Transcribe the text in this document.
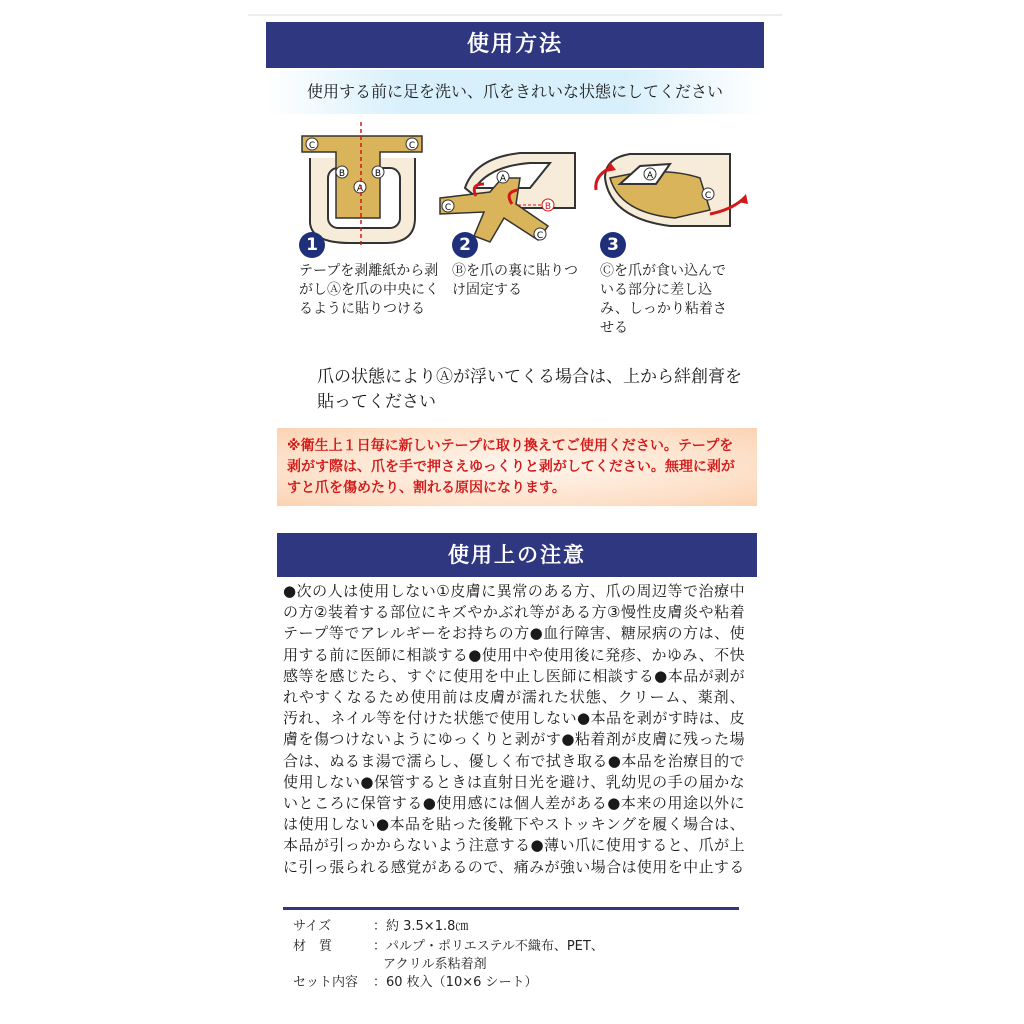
使用方法
使用する前に足を洗い、爪をきれいな状態にしてください
C	C
B	B
A
A
B
C
C
A
C
1
テープを剥離紙から剥がしⒶを爪の中央にくるように貼りつける
2
Ⓑを爪の裏に貼りつけ固定する
3
Ⓒを爪が食い込んでいる部分に差し込み、しっかり粘着させる
爪の状態によりⒶが浮いてくる場合は、上から絆創膏を貼ってください
※衛生上１日毎に新しいテープに取り換えてご使用ください。テープを剥がす際は、爪を手で押さえゆっくりと剥がしてください。無理に剥がすと爪を傷めたり、割れる原因になります。
使用上の注意
●次の人は使用しない①皮膚に異常のある方、爪の周辺等で治療中の方②装着する部位にキズやかぶれ等がある方③慢性皮膚炎や粘着テープ等でアレルギーをお持ちの方●血行障害、糖尿病の方は、使用する前に医師に相談する●使用中や使用後に発疹、かゆみ、不快感等を感じたら、すぐに使用を中止し医師に相談する●本品が剥がれやすくなるため使用前は皮膚が濡れた状態、クリーム、薬剤、汚れ、ネイル等を付けた状態で使用しない●本品を剥がす時は、皮膚を傷つけないようにゆっくりと剥がす●粘着剤が皮膚に残った場合は、ぬるま湯で濡らし、優しく布で拭き取る●本品を治療目的で使用しない●保管するときは直射日光を避け、乳幼児の手の届かないところに保管する●使用感には個人差がある●本来の用途以外には使用しない●本品を貼った後靴下やストッキングを履く場合は、本品が引っかからないよう注意する●薄い爪に使用すると、爪が上に引っ張られる感覚があるので、痛みが強い場合は使用を中止する
サイズ	：約 3.5×1.8㎝
材　質	：パルプ・ポリエステル不織布、PET、
アクリル系粘着剤
セット内容 ：60 枚入（10×6 シート）
